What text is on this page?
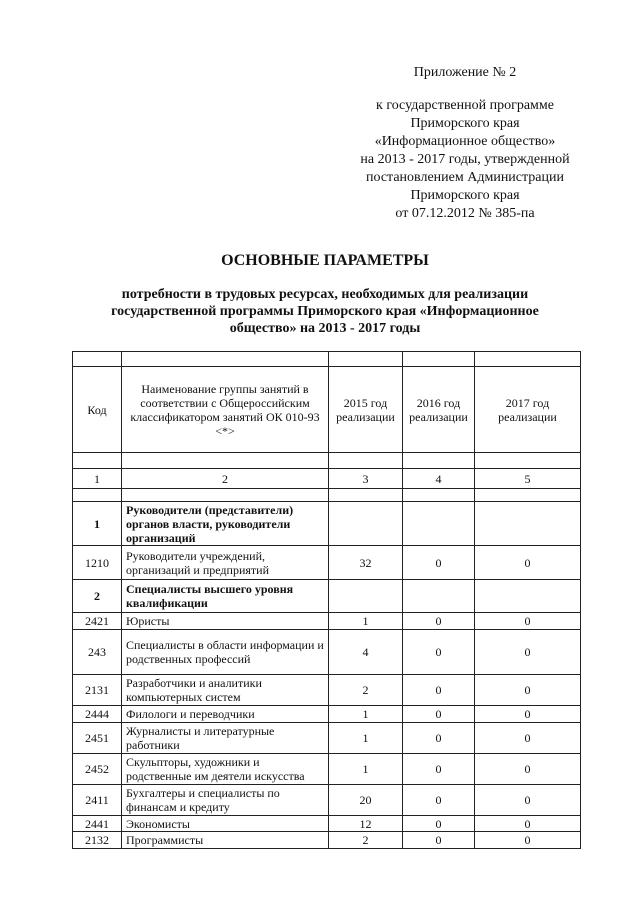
Приложение № 2
к государственной программе
Приморского края
«Информационное общество»
на 2013 - 2017 годы, утвержденной
постановлением Администрации
Приморского края
от 07.12.2012 № 385-па
ОСНОВНЫЕ ПАРАМЕТРЫ
потребности в трудовых ресурсах, необходимых для реализации
государственной программы Приморского края «Информационное
общество» на 2013 - 2017 годы

Код	Наименование группы занятий в соответствии с Общероссийским классификатором занятий ОК 010-93 <*>	2015 год реализации	2016 год реализации	2017 год реализации

1	2	3	4	5

1	Руководители (представители) органов власти, руководители организаций			
1210	Руководители учреждений, организаций и предприятий	32	0	0
2	Специалисты высшего уровня квалификации			
2421	Юристы	1	0	0
243	Специалисты в области информации и родственных профессий	4	0	0
2131	Разработчики и аналитики компьютерных систем	2	0	0
2444	Филологи и переводчики	1	0	0
2451	Журналисты и литературные работники	1	0	0
2452	Скульпторы, художники и родственные им деятели искусства	1	0	0
2411	Бухгалтеры и специалисты по финансам и кредиту	20	0	0
2441	Экономисты	12	0	0
2132	Программисты	2	0	0
